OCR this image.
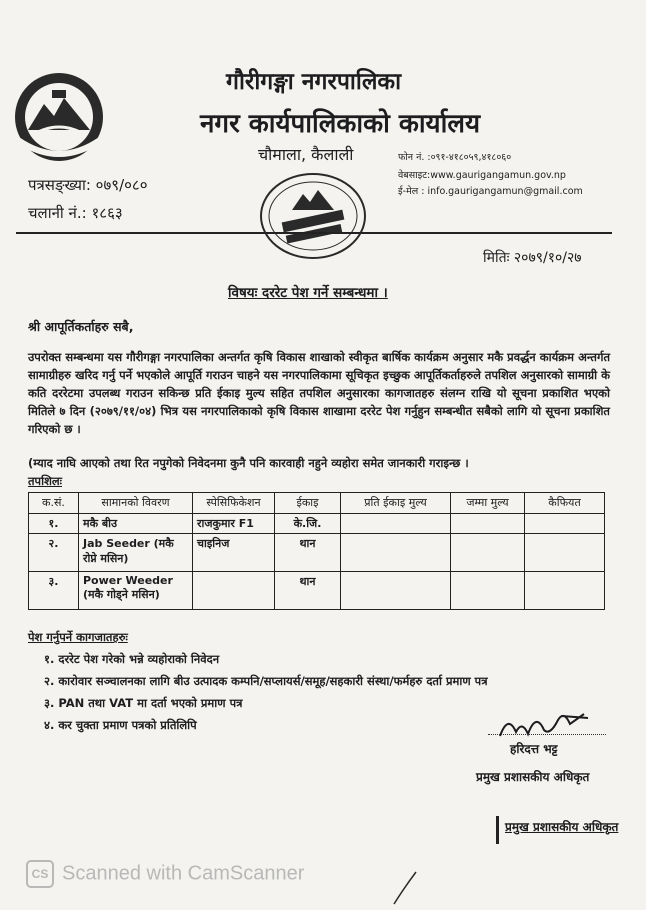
गौरीगङ्गा नगरपालिका
नगर कार्यपालिकाको कार्यालय
चौमाला, कैलाली	फोन नं. :०९१-४१८०५९,४१८०६०
वेबसाइट:www.gaurigangamun.gov.np
ई-मेल : info.gaurigangamun@gmail.com
पत्रसङ्ख्या: ०७९/०८०
चलानी नं.: १८६३
मितिः २०७९/१०/२७
विषयः दररेट पेश गर्ने सम्बन्धमा ।
श्री आपूर्तिकर्ताहरु सबै,
उपरोक्त सम्बन्धमा यस गौरीगङ्गा नगरपालिका अन्तर्गत कृषि विकास शाखाको स्वीकृत बार्षिक कार्यक्रम अनुसार मकै प्रवर्द्धन कार्यक्रम अन्तर्गत सामाग्रीहरु खरिद गर्नु पर्ने भएकोले आपूर्ति गराउन चाहने यस नगरपालिकामा सूचिकृत इच्छुक आपूर्तिकर्ताहरुले तपशिल अनुसारको सामाग्री के कति दररेटमा उपलब्ध गराउन सकिन्छ प्रति ईकाइ मुल्य सहित तपशिल अनुसारका कागजातहरु संलग्न राखि यो सूचना प्रकाशित भएको मितिले ७ दिन (२०७९/११/०४) भित्र यस नगरपालिकाको कृषि विकास शाखामा दररेट पेश गर्नुहुन सम्बन्धीत सबैको लागि यो सूचना प्रकाशित गरिएको छ ।
(म्याद नाघि आएको तथा रित नपुगेको निवेदनमा कुनै पनि कारवाही नहुने व्यहोरा समेत जानकारी गराइन्छ ।
तपशिलः
क.सं.	सामानको विवरण	स्पेसिफिकेशन	ईकाइ	प्रति ईकाइ मुल्य	जम्मा मुल्य	कैफियत
१.	मकै बीउ	राजकुमार F1	के.जि.			
२.	Jab Seeder (मकै रोप्ने मसिन)	चाइनिज	थान			
३.	Power Weeder (मकै गोड्ने मसिन)		थान			
पेश गर्नुपर्ने कागजातहरुः
१. दररेट पेश गरेको भन्ने व्यहोराको निवेदन
२. कारोवार सञ्चालनका लागि बीउ उत्पादक कम्पनि/सप्लायर्स/समूह/सहकारी संस्था/फर्महरु दर्ता प्रमाण पत्र
३. PAN तथा VAT मा दर्ता भएको प्रमाण पत्र
४. कर चुक्ता प्रमाण पत्रको प्रतिलिपि
हरिदत्त भट्ट
प्रमुख प्रशासकीय अधिकृत
प्रमुख प्रशासकीय अधिकृत
CS Scanned with CamScanner
